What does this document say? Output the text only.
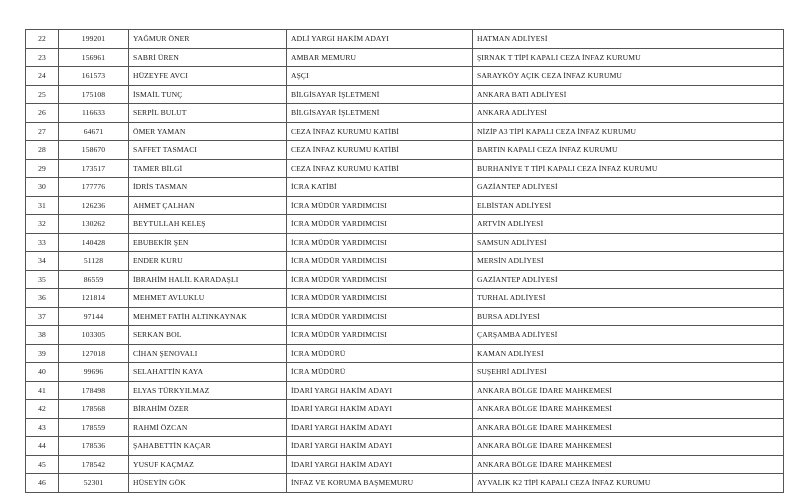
22	199201	YAĞMUR ÖNER	ADLİ YARGI HAKİM ADAYI	HATMAN ADLİYESİ
23	156961	SABRİ ÜREN	AMBAR MEMURU	ŞIRNAK T TİPİ KAPALI CEZA İNFAZ KURUMU
24	161573	HÜZEYFE AVCI	AŞÇI	SARAYKÖY AÇIK CEZA İNFAZ KURUMU
25	175108	İSMAİL TUNÇ	BİLGİSAYAR İŞLETMENİ	ANKARA BATI ADLİYESİ
26	116633	SERPİL BULUT	BİLGİSAYAR İŞLETMENİ	ANKARA ADLİYESİ
27	64671	ÖMER YAMAN	CEZA İNFAZ KURUMU KATİBİ	NİZİP A3 TİPİ KAPALI CEZA İNFAZ KURUMU
28	158670	SAFFET TASMACI	CEZA İNFAZ KURUMU KATİBİ	BARTIN KAPALI CEZA İNFAZ KURUMU
29	173517	TAMER BİLGİ	CEZA İNFAZ KURUMU KATİBİ	BURHANİYE T TİPİ KAPALI CEZA İNFAZ KURUMU
30	177776	İDRİS TASMAN	İCRA KATİBİ	GAZİANTEP ADLİYESİ
31	126236	AHMET ÇALHAN	İCRA MÜDÜR YARDIMCISI	ELBİSTAN ADLİYESİ
32	130262	BEYTULLAH KELEŞ	İCRA MÜDÜR YARDIMCISI	ARTVİN ADLİYESİ
33	140428	EBUBEKİR ŞEN	İCRA MÜDÜR YARDIMCISI	SAMSUN ADLİYESİ
34	51128	ENDER KURU	İCRA MÜDÜR YARDIMCISI	MERSİN ADLİYESİ
35	86559	İBRAHİM HALİL KARADAŞLI	İCRA MÜDÜR YARDIMCISI	GAZİANTEP ADLİYESİ
36	121814	MEHMET AVLUKLU	İCRA MÜDÜR YARDIMCISI	TURHAL ADLİYESİ
37	97144	MEHMET FATİH ALTINKAYNAK	İCRA MÜDÜR YARDIMCISI	BURSA ADLİYESİ
38	103305	SERKAN BOL	İCRA MÜDÜR YARDIMCISI	ÇARŞAMBA ADLİYESİ
39	127018	CİHAN ŞENOVALI	İCRA MÜDÜRÜ	KAMAN ADLİYESİ
40	99696	SELAHATTİN KAYA	İCRA MÜDÜRÜ	SUŞEHRİ ADLİYESİ
41	178498	ELYAS TÜRKYILMAZ	İDARİ YARGI HAKİM ADAYI	ANKARA BÖLGE İDARE MAHKEMESİ
42	178568	BİRAHİM ÖZER	İDARİ YARGI HAKİM ADAYI	ANKARA BÖLGE İDARE MAHKEMESİ
43	178559	RAHMİ ÖZCAN	İDARİ YARGI HAKİM ADAYI	ANKARA BÖLGE İDARE MAHKEMESİ
44	178536	ŞAHABETTİN KAÇAR	İDARİ YARGI HAKİM ADAYI	ANKARA BÖLGE İDARE MAHKEMESİ
45	178542	YUSUF KAÇMAZ	İDARİ YARGI HAKİM ADAYI	ANKARA BÖLGE İDARE MAHKEMESİ
46	52301	HÜSEYİN GÖK	İNFAZ VE KORUMA BAŞMEMURU	AYVALIK K2 TİPİ KAPALI CEZA İNFAZ KURUMU
